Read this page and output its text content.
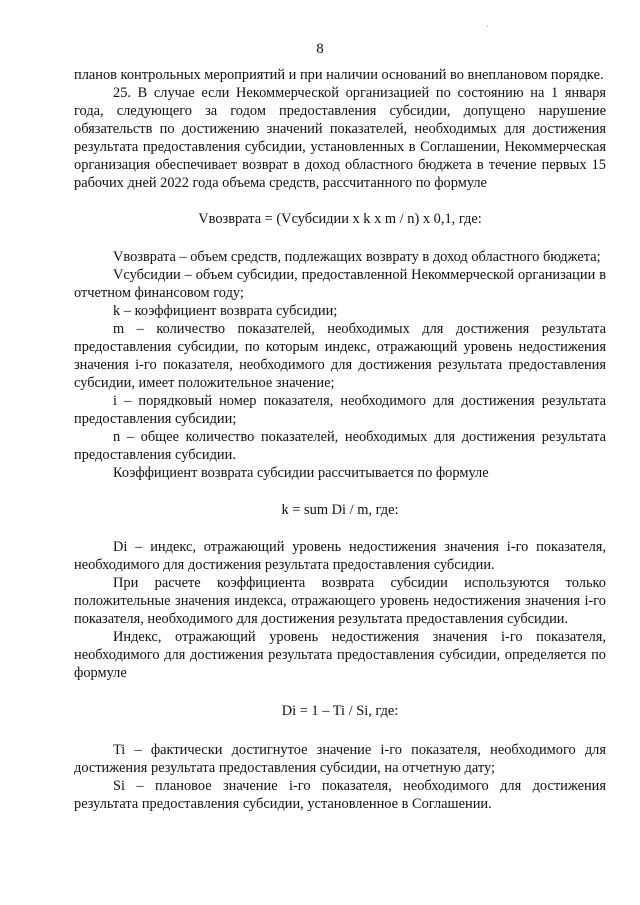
·
8

планов контрольных мероприятий и при наличии оснований во внеплановом порядке.

25. В случае если Некоммерческой организацией по состоянию на 1 января года, следующего за годом предоставления субсидии, допущено нарушение обязательств по достижению значений показателей, необходимых для достижения результата предоставления субсидии, установленных в Соглашении, Некоммерческая организация обеспечивает возврат в доход областного бюджета в течение первых 15 рабочих дней 2022 года объема средств, рассчитанного по формуле

Vвозврата = (Vсубсидии x k x m / n) x 0,1, где:

Vвозврата – объем средств, подлежащих возврату в доход областного бюджета;

Vсубсидии – объем субсидии, предоставленной Некоммерческой организации в отчетном финансовом году;

k – коэффициент возврата субсидии;

m – количество показателей, необходимых для достижения результата предоставления субсидии, по которым индекс, отражающий уровень недостижения значения i-го показателя, необходимого для достижения результата предоставления субсидии, имеет положительное значение;

i – порядковый номер показателя, необходимого для достижения результата предоставления субсидии;

n – общее количество показателей, необходимых для достижения результата предоставления субсидии.

Коэффициент возврата субсидии рассчитывается по формуле

k = sum Di / m, где:

Di – индекс, отражающий уровень недостижения значения i-го показателя, необходимого для достижения результата предоставления субсидии.

При расчете коэффициента возврата субсидии используются только положительные значения индекса, отражающего уровень недостижения значения i-го показателя, необходимого для достижения результата предоставления субсидии.

Индекс, отражающий уровень недостижения значения i-го показателя, необходимого для достижения результата предоставления субсидии, определяется по формуле

Di = 1 – Ti / Si, где:

Ti – фактически достигнутое значение i-го показателя, необходимого для достижения результата предоставления субсидии, на отчетную дату;

Si – плановое значение i-го показателя, необходимого для достижения результата предоставления субсидии, установленное в Соглашении.
